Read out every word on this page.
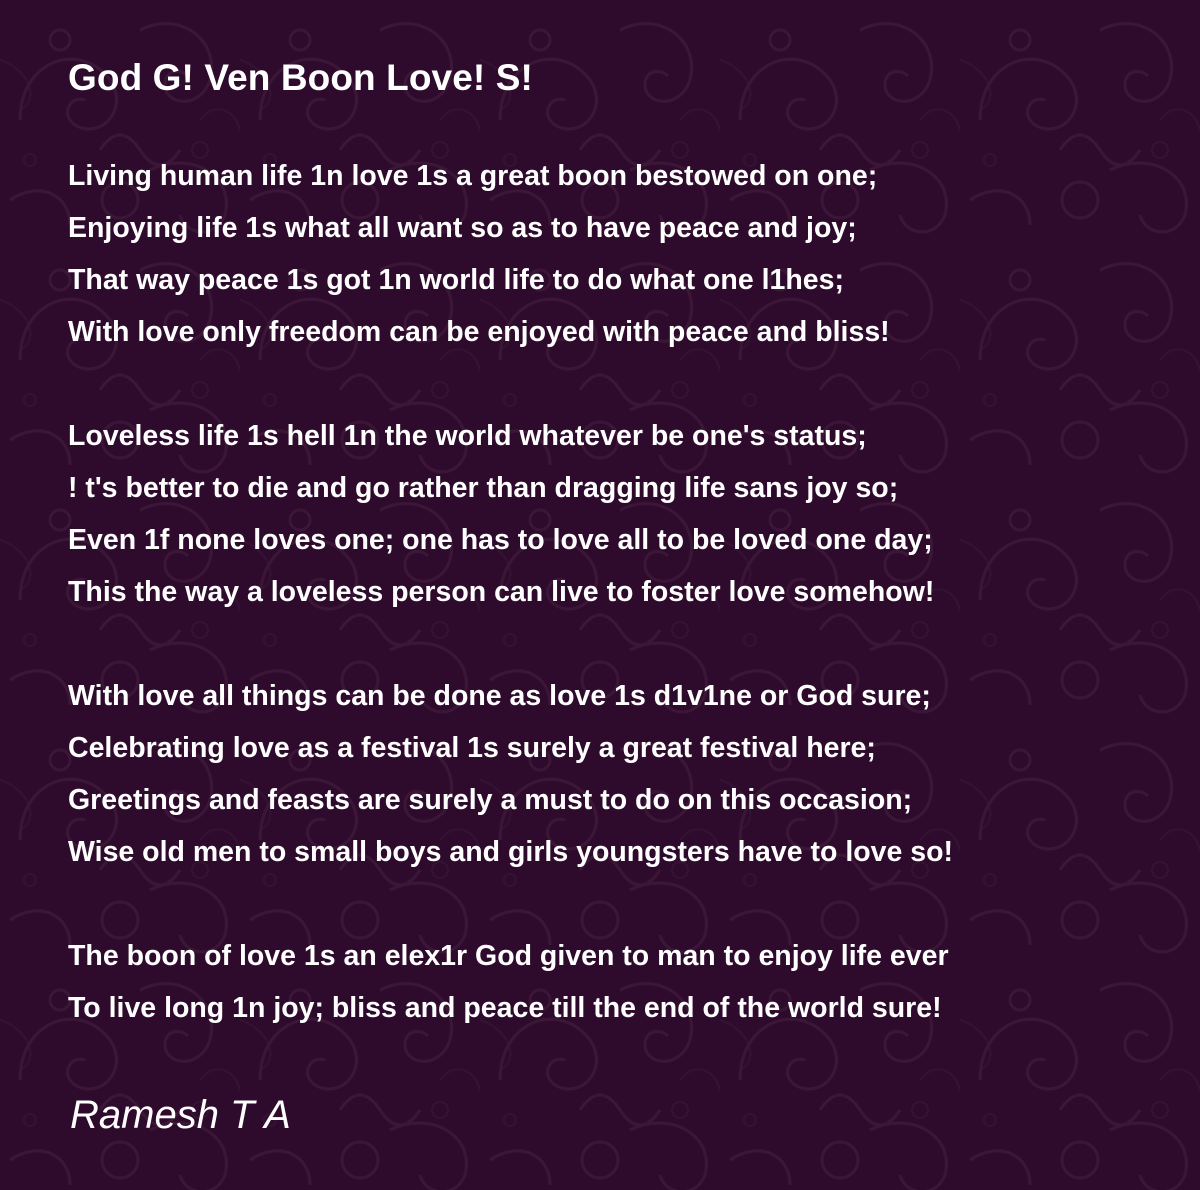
God G! Ven Boon Love! S!
Living human life 1n love 1s a great boon bestowed on one;
Enjoying life 1s what all want so as to have peace and joy;
That way peace 1s got 1n world life to do what one l1hes;
With love only freedom can be enjoyed with peace and bliss!
Loveless life 1s hell 1n the world whatever be one's status;
! t's better to die and go rather than dragging life sans joy so;
Even 1f none loves one; one has to love all to be loved one day;
This the way a loveless person can live to foster love somehow!
With love all things can be done as love 1s d1v1ne or God sure;
Celebrating love as a festival 1s surely a great festival here;
Greetings and feasts are surely a must to do on this occasion;
Wise old men to small boys and girls youngsters have to love so!
The boon of love 1s an elex1r God given to man to enjoy life ever
To live long 1n joy; bliss and peace till the end of the world sure!

Ramesh T A
